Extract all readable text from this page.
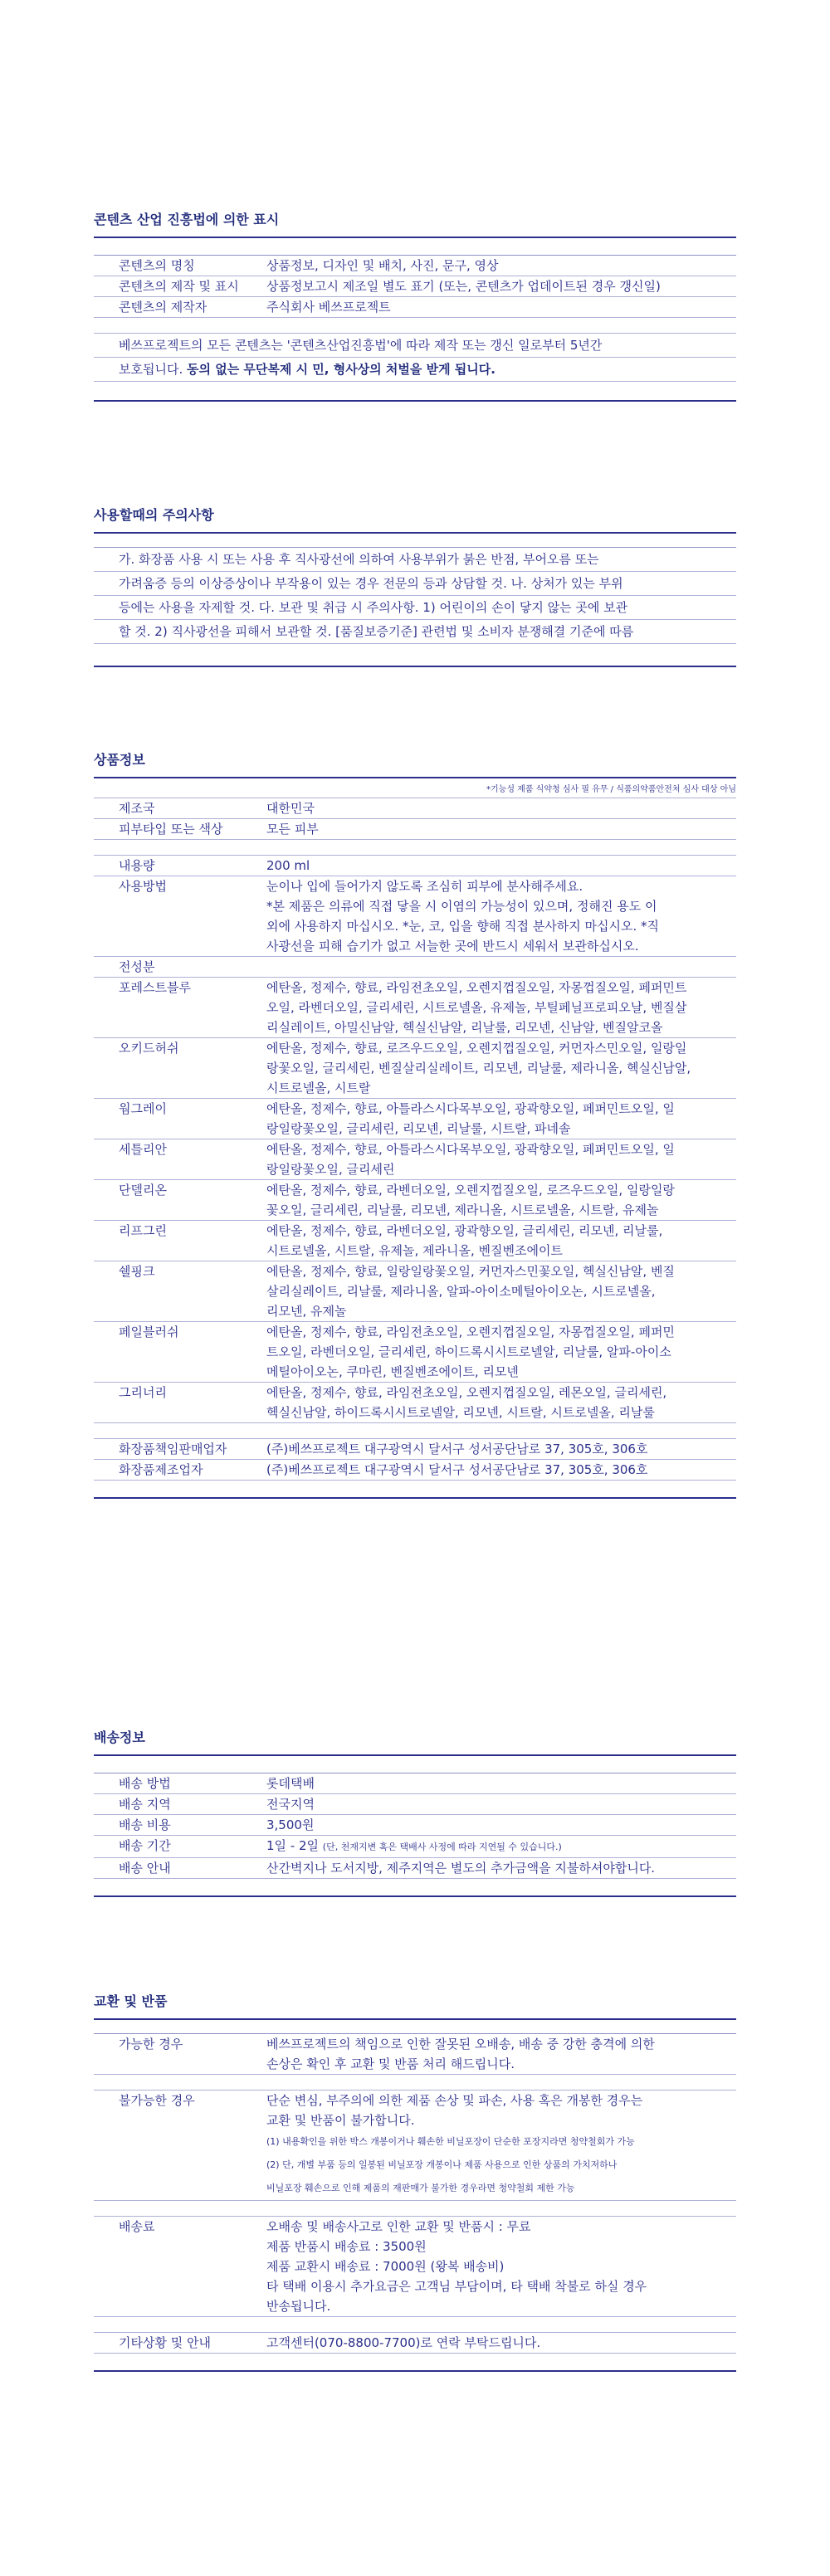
콘텐츠 산업 진흥법에 의한 표시
콘텐츠의 명칭	상품정보, 디자인 및 배치, 사진, 문구, 영상
콘텐츠의 제작 및 표시	상품정보고시 제조일 별도 표기 (또는, 콘텐츠가 업데이트된 경우 갱신일)
콘텐츠의 제작자	주식회사 베쓰프로젝트
베쓰프로젝트의 모든 콘텐츠는 '콘텐츠산업진흥법'에 따라 제작 또는 갱신 일로부터 5년간
보호됩니다. 동의 없는 무단복제 시 민, 형사상의 처벌을 받게 됩니다.
사용할때의 주의사항
가. 화장품 사용 시 또는 사용 후 직사광선에 의하여 사용부위가 붉은 반점, 부어오름 또는
가려움증 등의 이상증상이나 부작용이 있는 경우 전문의 등과 상담할 것. 나. 상처가 있는 부위
등에는 사용을 자제할 것. 다. 보관 및 취급 시 주의사항. 1) 어린이의 손이 닿지 않는 곳에 보관
할 것. 2) 직사광선을 피해서 보관할 것. [품질보증기준] 관련법 및 소비자 분쟁해결 기준에 따름
상품정보
*기능성 제품 식약청 심사 필 유무 / 식품의약품안전처 심사 대상 아님
제조국	대한민국
피부타입 또는 색상	모든 피부
내용량	200 ml
사용방법	눈이나 입에 들어가지 않도록 조심히 피부에 분사해주세요.
*본 제품은 의류에 직접 닿을 시 이염의 가능성이 있으며, 정해진 용도 이
외에 사용하지 마십시오. *눈, 코, 입을 향해 직접 분사하지 마십시오. *직
사광선을 피해 습기가 없고 서늘한 곳에 반드시 세워서 보관하십시오.
전성분
포레스트블루	에탄올, 정제수, 향료, 라임전초오일, 오렌지껍질오일, 자몽껍질오일, 페퍼민트
오일, 라벤더오일, 글리세린, 시트로넬올, 유제놀, 부틸페닐프로피오날, 벤질살
리실레이트, 아밀신남알, 헥실신남알, 리날룰, 리모넨, 신남알, 벤질알코올
오키드허쉬	에탄올, 정제수, 향료, 로즈우드오일, 오렌지껍질오일, 커먼자스민오일, 일랑일
랑꽃오일, 글리세린, 벤질살리실레이트, 리모넨, 리날룰, 제라니올, 헥실신남알,
시트로넬올, 시트랄
웜그레이	에탄올, 정제수, 향료, 아틀라스시다목부오일, 광곽향오일, 페퍼민트오일, 일
랑일랑꽃오일, 글리세린, 리모넨, 리날룰, 시트랄, 파네솔
세틀리안	에탄올, 정제수, 향료, 아틀라스시다목부오일, 광곽향오일, 페퍼민트오일, 일
랑일랑꽃오일, 글리세린
단델리온	에탄올, 정제수, 향료, 라벤더오일, 오렌지껍질오일, 로즈우드오일, 일랑일랑
꽃오일, 글리세린, 리날룰, 리모넨, 제라니올, 시트로넬올, 시트랄, 유제놀
리프그린	에탄올, 정제수, 향료, 라벤더오일, 광곽향오일, 글리세린, 리모넨, 리날룰,
시트로넬올, 시트랄, 유제놀, 제라니올, 벤질벤조에이트
쉘핑크	에탄올, 정제수, 향료, 일랑일랑꽃오일, 커먼자스민꽃오일, 헥실신남알, 벤질
살리실레이트, 리날룰, 제라니올, 알파-아이소메틸아이오논, 시트로넬올,
리모넨, 유제놀
페일블러쉬	에탄올, 정제수, 향료, 라임전초오일, 오렌지껍질오일, 자몽껍질오일, 페퍼민
트오일, 라벤더오일, 글리세린, 하이드록시시트로넬알, 리날룰, 알파-아이소
메틸아이오논, 쿠마린, 벤질벤조에이트, 리모넨
그리너리	에탄올, 정제수, 향료, 라임전초오일, 오렌지껍질오일, 레몬오일, 글리세린,
헥실신남알, 하이드록시시트로넬알, 리모넨, 시트랄, 시트로넬올, 리날룰
화장품책임판매업자	(주)베쓰프로젝트 대구광역시 달서구 성서공단남로 37, 305호, 306호
화장품제조업자	(주)베쓰프로젝트 대구광역시 달서구 성서공단남로 37, 305호, 306호
배송정보
배송 방법	롯데택배
배송 지역	전국지역
배송 비용	3,500원
배송 기간	1일 - 2일 (단, 천재지변 혹은 택배사 사정에 따라 지연될 수 있습니다.)
배송 안내	산간벽지나 도서지방, 제주지역은 별도의 추가금액을 지불하셔야합니다.
교환 및 반품
가능한 경우	베쓰프로젝트의 책임으로 인한 잘못된 오배송, 배송 중 강한 충격에 의한
손상은 확인 후 교환 및 반품 처리 해드립니다.
불가능한 경우	단순 변심, 부주의에 의한 제품 손상 및 파손, 사용 혹은 개봉한 경우는
교환 및 반품이 불가합니다.
(1) 내용확인을 위한 박스 개봉이거나 훼손한 비닐포장이 단순한 포장지라면 청약철회가 가능
(2) 단, 개별 부품 등의 일봉된 비닐포장 개봉이나 제품 사용으로 인한 상품의 가치저하나
비닐포장 훼손으로 인해 제품의 재판매가 불가한 경우라면 청약철회 제한 가능
배송료	오배송 및 배송사고로 인한 교환 및 반품시 : 무료
제품 반품시 배송료 : 3500원
제품 교환시 배송료 : 7000원 (왕복 배송비)
타 택배 이용시 추가요금은 고객님 부담이며, 타 택배 착불로 하실 경우
반송됩니다.
기타상황 및 안내	고객센터(070-8800-7700)로 연락 부탁드립니다.
